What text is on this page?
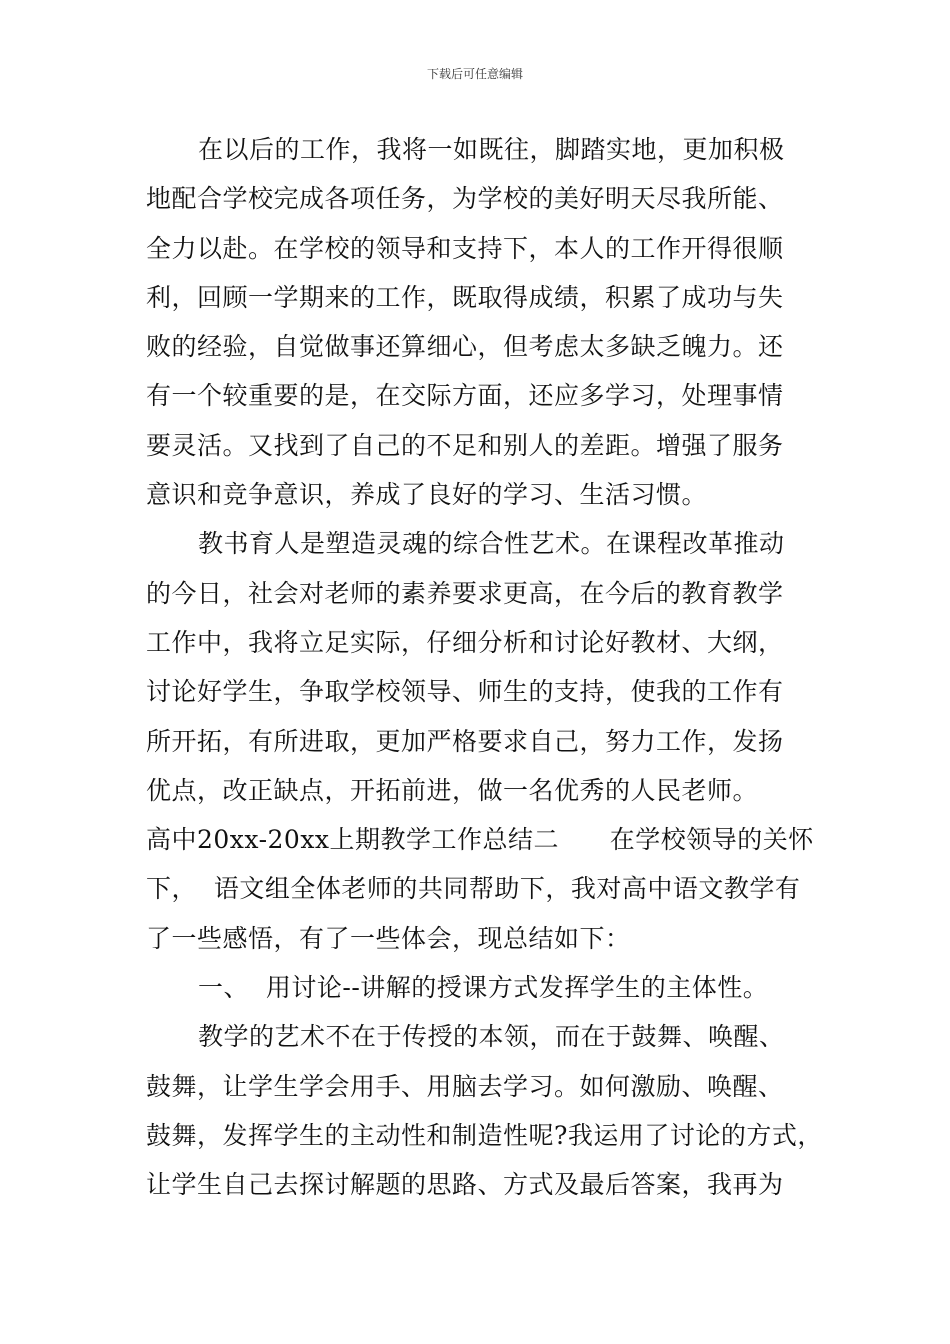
下载后可任意编辑
在以后的工作，我将一如既往，脚踏实地，更加积极
地配合学校完成各项任务，为学校的美好明天尽我所能、
全力以赴。在学校的领导和支持下，本人的工作开得很顺
利，回顾一学期来的工作，既取得成绩，积累了成功与失
败的经验，自觉做事还算细心，但考虑太多缺乏魄力。还
有一个较重要的是，在交际方面，还应多学习，处理事情
要灵活。又找到了自己的不足和别人的差距。增强了服务
意识和竞争意识，养成了良好的学习、生活习惯。
教书育人是塑造灵魂的综合性艺术。在课程改革推动
的今日，社会对老师的素养要求更高，在今后的教育教学
工作中，我将立足实际，仔细分析和讨论好教材、大纲，
讨论好学生，争取学校领导、师生的支持，使我的工作有
所开拓，有所进取，更加严格要求自己，努力工作，发扬
优点，改正缺点，开拓前进，做一名优秀的人民老师。
高中20xx-20xx上期教学工作总结二      在学校领导的关怀
下，  语文组全体老师的共同帮助下，我对高中语文教学有
了一些感悟，有了一些体会，现总结如下：
一、  用讨论--讲解的授课方式发挥学生的主体性。
教学的艺术不在于传授的本领，而在于鼓舞、唤醒、
鼓舞，让学生学会用手、用脑去学习。如何激励、唤醒、
鼓舞，发挥学生的主动性和制造性呢?我运用了讨论的方式，
让学生自己去探讨解题的思路、方式及最后答案，我再为
